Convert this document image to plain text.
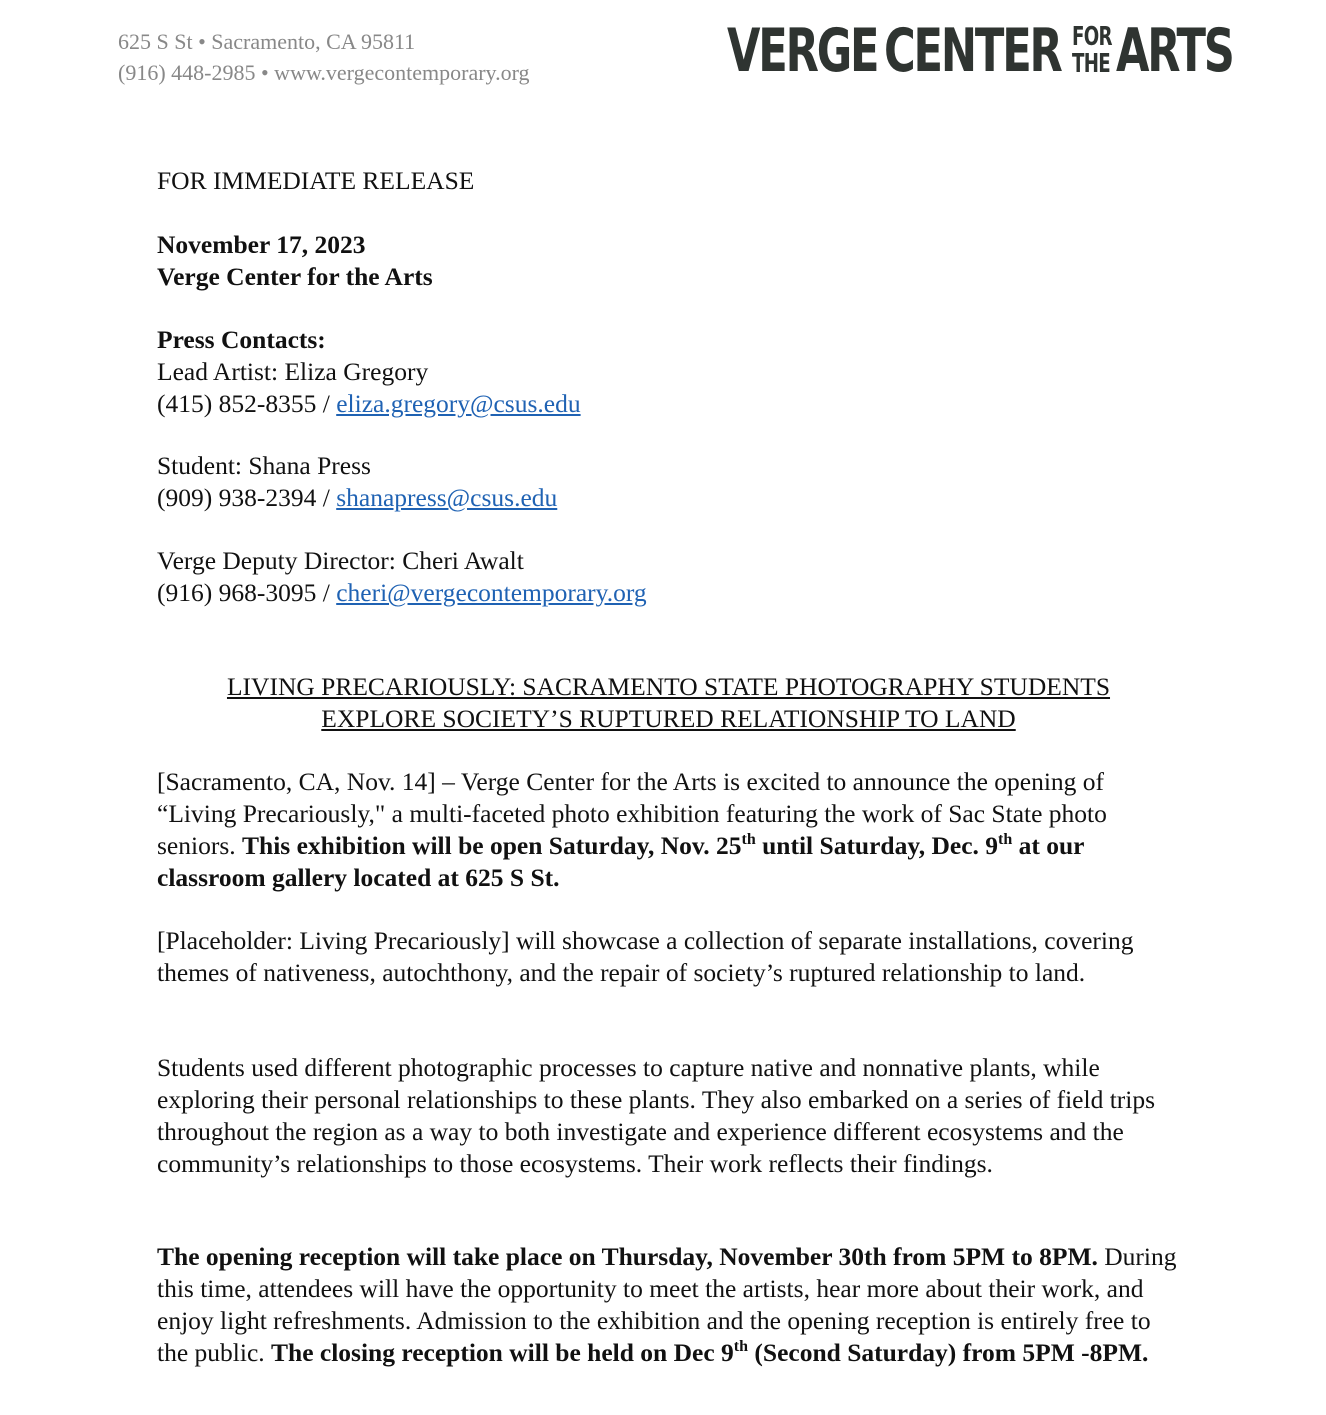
625 S St • Sacramento, CA 95811
(916) 448-2985 • www.vergecontemporary.org	VERGE CENTER FOR
THE ARTS
FOR IMMEDIATE RELEASE
November 17, 2023
Verge Center for the Arts
Press Contacts:
Lead Artist: Eliza Gregory
(415) 852-8355 / eliza.gregory@csus.edu
Student: Shana Press
(909) 938-2394 / shanapress@csus.edu
Verge Deputy Director: Cheri Awalt
(916) 968-3095 / cheri@vergecontemporary.org
LIVING PRECARIOUSLY: SACRAMENTO STATE PHOTOGRAPHY STUDENTS
EXPLORE SOCIETY’S RUPTURED RELATIONSHIP TO LAND
[Sacramento, CA, Nov. 14] – Verge Center for the Arts is excited to announce the opening of “Living Precariously," a multi-faceted photo exhibition featuring the work of Sac State photo seniors. This exhibition will be open Saturday, Nov. 25th until Saturday, Dec. 9th at our classroom gallery located at 625 S St.
[Placeholder: Living Precariously] will showcase a collection of separate installations, covering themes of nativeness, autochthony, and the repair of society’s ruptured relationship to land.
Students used different photographic processes to capture native and nonnative plants, while exploring their personal relationships to these plants. They also embarked on a series of field trips throughout the region as a way to both investigate and experience different ecosystems and the community’s relationships to those ecosystems. Their work reflects their findings.
The opening reception will take place on Thursday, November 30th from 5PM to 8PM. During this time, attendees will have the opportunity to meet the artists, hear more about their work, and enjoy light refreshments. Admission to the exhibition and the opening reception is entirely free to the public. The closing reception will be held on Dec 9th (Second Saturday) from 5PM -8PM.
